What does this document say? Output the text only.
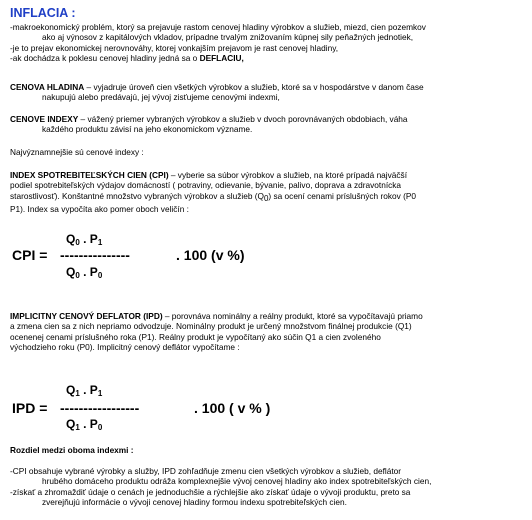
INFLACIA :

-makroekonomický problém, ktorý sa prejavuje rastom cenovej hladiny výrobkov a služieb, miezd, cien pozemkov

ako aj výnosov z kapitálových vkladov, prípadne trvalým znižovaním kúpnej sily peňažných jednotiek,

-je to prejav ekonomickej nerovnováhy, ktorej vonkajším prejavom je rast cenovej hladiny,

-ak dochádza k poklesu cenovej hladiny jedná sa o DEFLACIU,

CENOVA HLADINA – vyjadruje úroveň cien všetkých výrobkov a služieb, ktoré sa v hospodárstve v danom čase

nakupujú alebo predávajú, jej vývoj zisťujeme cenovými indexmi,

CENOVE INDEXY – vážený priemer vybraných výrobkov a služieb v dvoch porovnávaných obdobiach, váha

každého produktu závisí na jeho ekonomickom význame.

Najvýznamnejšie sú cenové indexy :

INDEX SPOTREBITEĽSKÝCH CIEN (CPI) – vyberie sa súbor výrobkov a služieb, na ktoré prípadá najväčší

podiel spotrebiteľských výdajov domácností ( potraviny, odievanie, bývanie, palivo, doprava a zdravotnícka

starostlivosť). Konštantné množstvo vybraných výrobkov a služieb $(Q_0)$ sa ocení cenami príslušných rokov (P0

P1). Index sa vypočíta ako pomer oboch veličín :

$Q_0$ . $P_1$
CPI = ---------------	. 100 (v %)
$Q_0$ . $P_0$

IMPLICITNY CENOVÝ DEFLATOR (IPD) – porovnáva nominálny a reálny produkt, ktoré sa vypočítavajú priamo

a zmena cien sa z nich nepriamo odvodzuje. Nominálny produkt je určený množstvom finálnej produkcie (Q1)

ocenenej cenami príslušného roka (P1). Reálny produkt je vypočítaný ako súčin Q1 a cien zvoleného

východzieho roku (P0). Implicitný cenový deflátor vypočítame :

$Q_1$ . $P_1$
IPD = -----------------	. 100 ( v % )
$Q_1$ . $P_0$
Rozdiel medzi oboma indexmi :

-CPI obsahuje vybrané výrobky a služby, IPD zohľadňuje zmenu cien všetkých výrobkov a služieb, deflátor

hrubého domáceho produktu odráža komplexnejšie vývoj cenovej hladiny ako index spotrebiteľských cien,

-získať a zhromaždiť údaje o cenách je jednoduchšie a rýchlejšie ako získať údaje o vývoji produktu, preto sa

zverejňujú informácie o vývoji cenovej hladiny formou indexu spotrebiteľských cien.
